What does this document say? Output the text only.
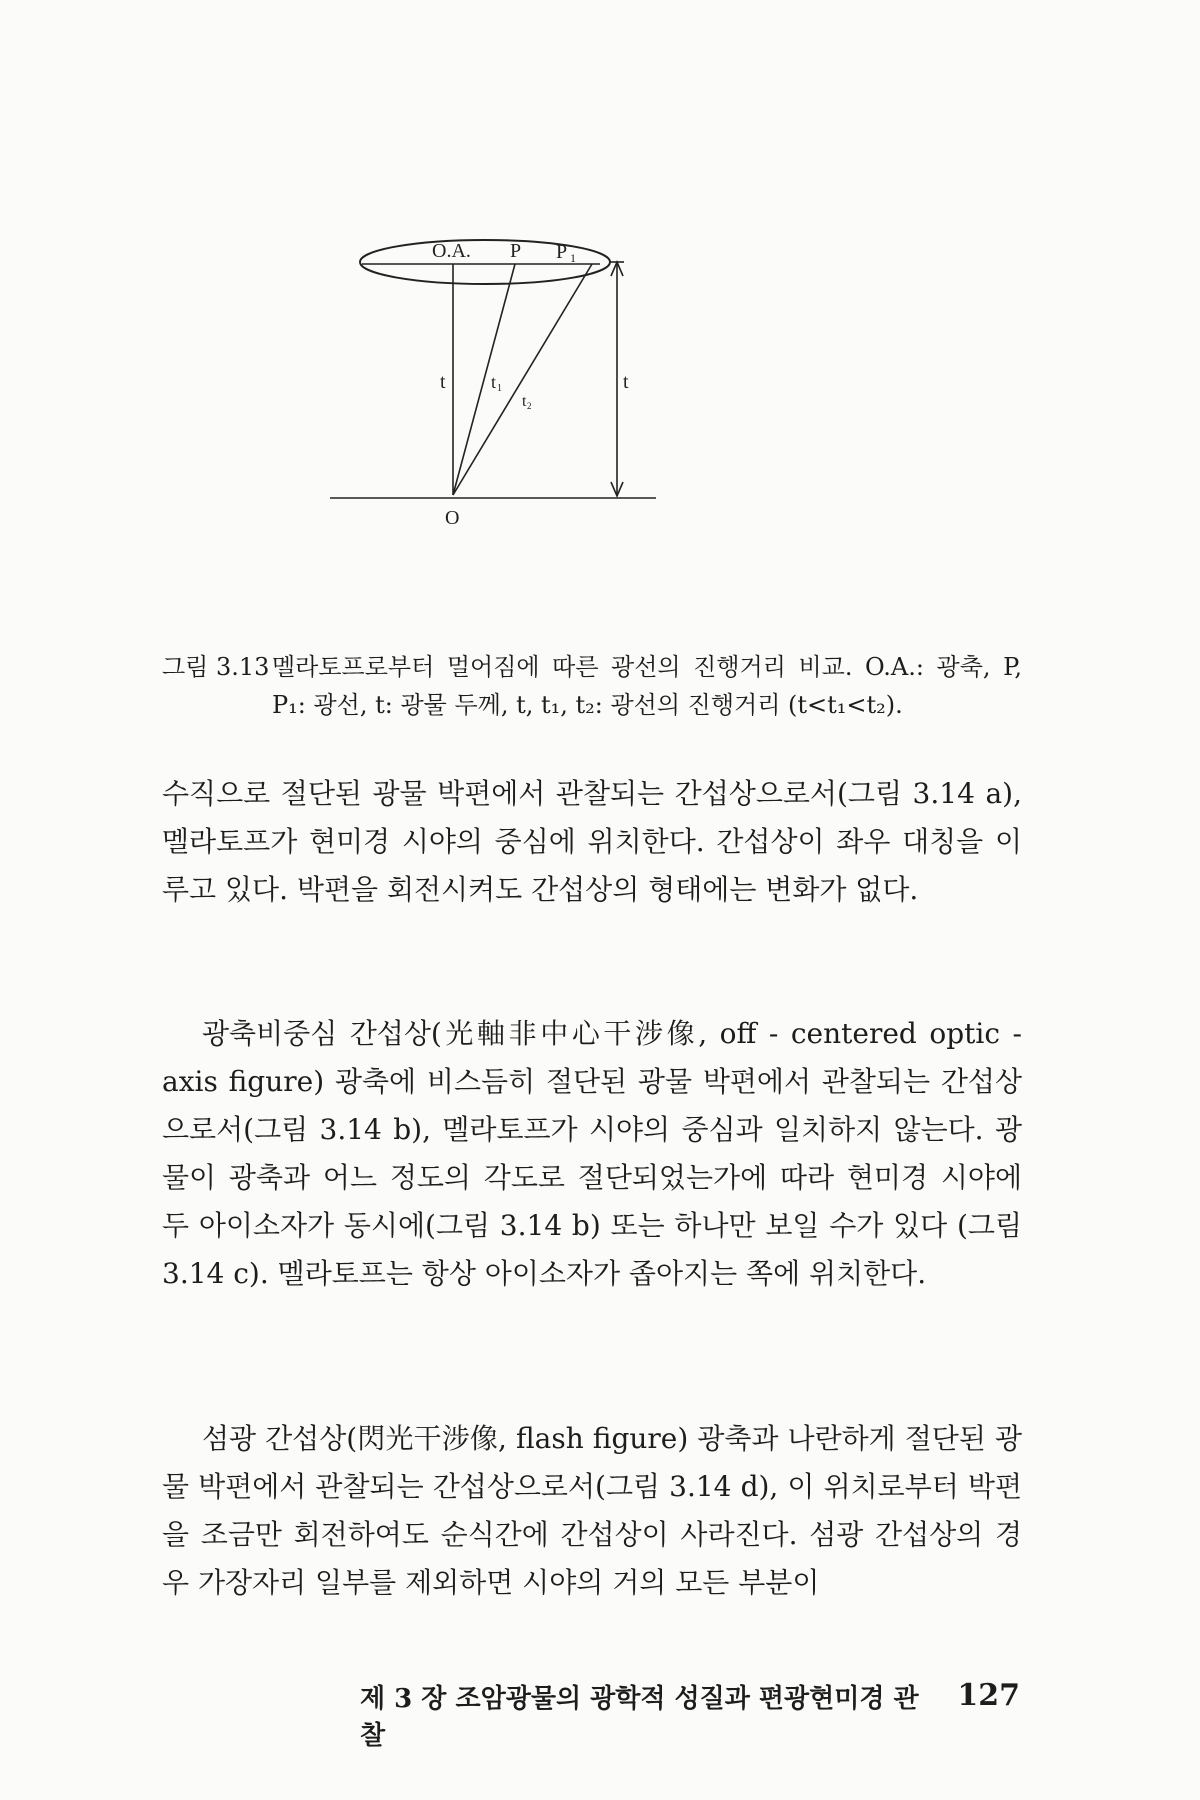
O.A. P P 1
t	t 1
t 2
t
O
그림 3.13 멜라토프로부터 멀어짐에 따른 광선의 진행거리 비교. O.A.: 광축, P, P₁: 광선, t: 광물 두께, t, t₁, t₂: 광선의 진행거리 (t<t₁<t₂).
수직으로 절단된 광물 박편에서 관찰되는 간섭상으로서(그림 3.14 a), 멜라토프가 현미경 시야의 중심에 위치한다. 간섭상이 좌우 대칭을 이루고 있다. 박편을 회전시켜도 간섭상의 형태에는 변화가 없다.
광축비중심 간섭상(光軸非中心干涉像, off - centered optic - axis figure) 광축에 비스듬히 절단된 광물 박편에서 관찰되는 간섭상으로서(그림 3.14 b), 멜라토프가 시야의 중심과 일치하지 않는다. 광물이 광축과 어느 정도의 각도로 절단되었는가에 따라 현미경 시야에 두 아이소자가 동시에(그림 3.14 b) 또는 하나만 보일 수가 있다 (그림 3.14 c). 멜라토프는 항상 아이소자가 좁아지는 쪽에 위치한다.
섬광 간섭상(閃光干涉像, flash figure) 광축과 나란하게 절단된 광물 박편에서 관찰되는 간섭상으로서(그림 3.14 d), 이 위치로부터 박편을 조금만 회전하여도 순식간에 간섭상이 사라진다. 섬광 간섭상의 경우 가장자리 일부를 제외하면 시야의 거의 모든 부분이
제 3 장 조암광물의 광학적 성질과 편광현미경 관찰
127
